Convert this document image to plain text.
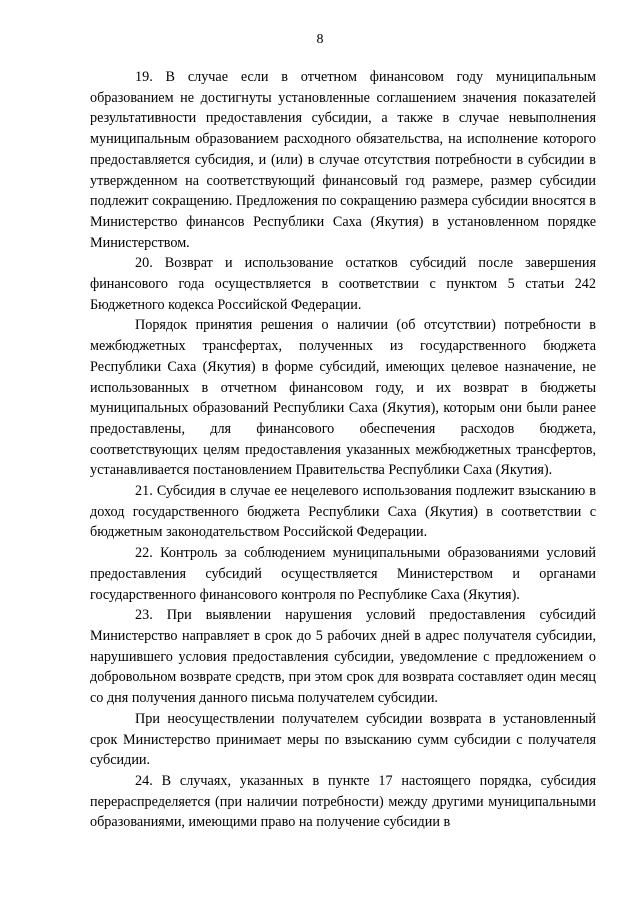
8

19. В случае если в отчетном финансовом году муниципальным образованием не достигнуты установленные соглашением значения показателей результативности предоставления субсидии, а также в случае невыполнения муниципальным образованием расходного обязательства, на исполнение которого предоставляется субсидия, и (или) в случае отсутствия потребности в субсидии в утвержденном на соответствующий финансовый год размере, размер субсидии подлежит сокращению. Предложения по сокращению размера субсидии вносятся в Министерство финансов Республики Саха (Якутия) в установленном порядке Министерством.

20. Возврат и использование остатков субсидий после завершения финансового года осуществляется в соответствии с пунктом 5 статьи 242 Бюджетного кодекса Российской Федерации.

Порядок принятия решения о наличии (об отсутствии) потребности в межбюджетных трансфертах, полученных из государственного бюджета Республики Саха (Якутия) в форме субсидий, имеющих целевое назначение, не использованных в отчетном финансовом году, и их возврат в бюджеты муниципальных образований Республики Саха (Якутия), которым они были ранее предоставлены, для финансового обеспечения расходов бюджета, соответствующих целям предоставления указанных межбюджетных трансфертов, устанавливается постановлением Правительства Республики Саха (Якутия).

21. Субсидия в случае ее нецелевого использования подлежит взысканию в доход государственного бюджета Республики Саха (Якутия) в соответствии с бюджетным законодательством Российской Федерации.

22. Контроль за соблюдением муниципальными образованиями условий предоставления субсидий осуществляется Министерством и органами государственного финансового контроля по Республике Саха (Якутия).

23. При выявлении нарушения условий предоставления субсидий Министерство направляет в срок до 5 рабочих дней в адрес получателя субсидии, нарушившего условия предоставления субсидии, уведомление с предложением о добровольном возврате средств, при этом срок для возврата составляет один месяц со дня получения данного письма получателем субсидии.

При неосуществлении получателем субсидии возврата в установленный срок Министерство принимает меры по взысканию сумм субсидии с получателя субсидии.

24. В случаях, указанных в пункте 17 настоящего порядка, субсидия перераспределяется (при наличии потребности) между другими муниципальными образованиями, имеющими право на получение субсидии в
